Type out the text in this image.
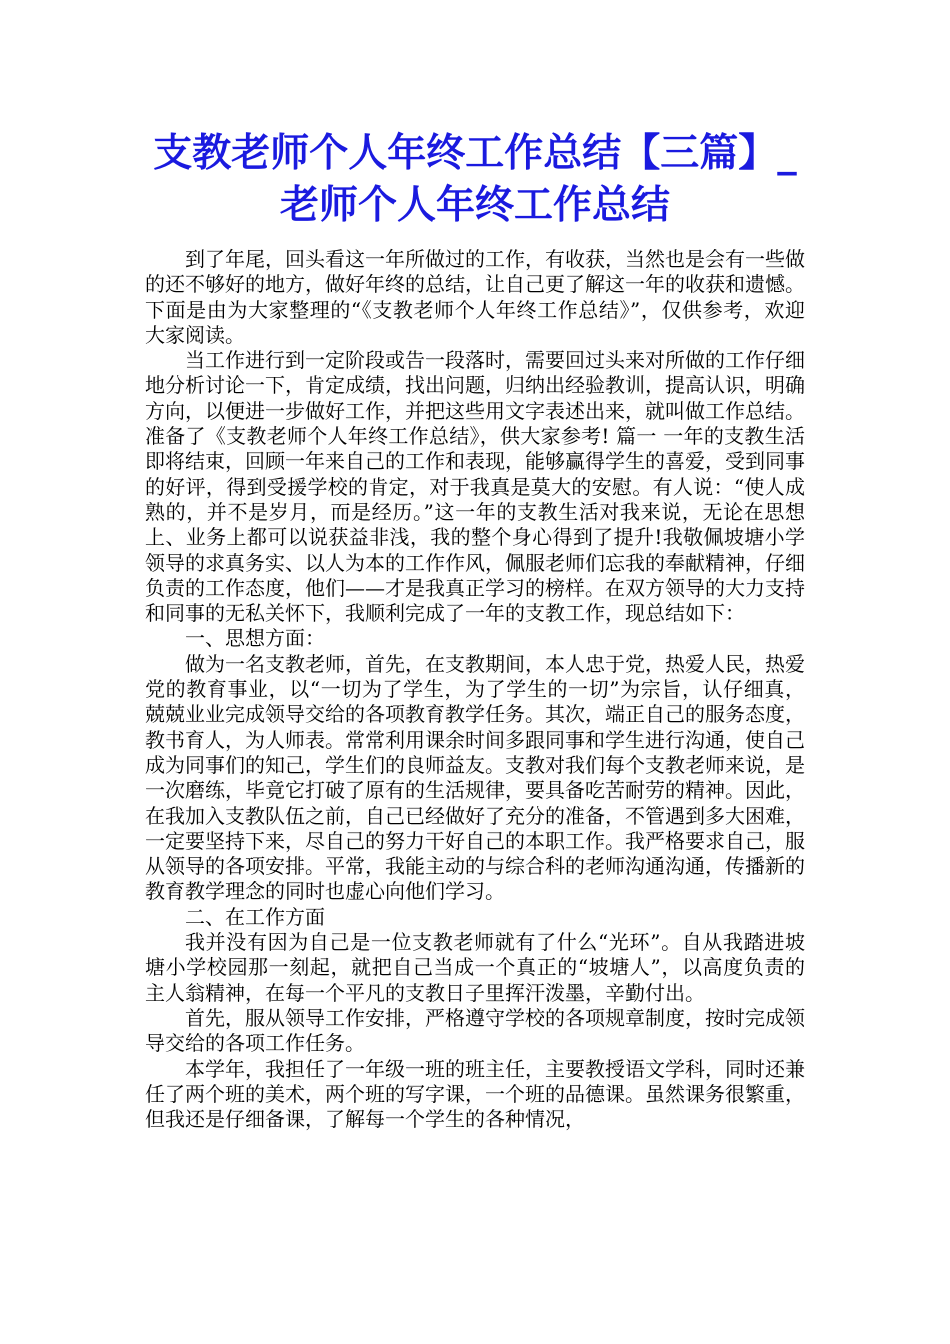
支教老师个人年终工作总结【三篇】_老师个人年终工作总结

到了年尾，回头看这一年所做过的工作，有收获，当然也是会有一些做的还不够好的地方，做好年终的总结，让自己更了解这一年的收获和遗憾。下面是由为大家整理的“《支教老师个人年终工作总结》”，仅供参考，欢迎大家阅读。

当工作进行到一定阶段或告一段落时，需要回过头来对所做的工作仔细地分析讨论一下，肯定成绩，找出问题，归纳出经验教训，提高认识，明确方向，以便进一步做好工作，并把这些用文字表述出来，就叫做工作总结。准备了《支教老师个人年终工作总结》，供大家参考! 篇一 一年的支教生活即将结束，回顾一年来自己的工作和表现，能够赢得学生的喜爱，受到同事的好评，得到受援学校的肯定，对于我真是莫大的安慰。有人说：“使人成熟的，并不是岁月，而是经历。”这一年的支教生活对我来说，无论在思想上、业务上都可以说获益非浅，我的整个身心得到了提升!我敬佩坡塘小学领导的求真务实、以人为本的工作作风，佩服老师们忘我的奉献精神，仔细负责的工作态度，他们——才是我真正学习的榜样。在双方领导的大力支持和同事的无私关怀下，我顺利完成了一年的支教工作，现总结如下：

一、思想方面：

做为一名支教老师，首先，在支教期间，本人忠于党，热爱人民，热爱党的教育事业，以“一切为了学生，为了学生的一切”为宗旨，认仔细真，兢兢业业完成领导交给的各项教育教学任务。其次，端正自己的服务态度，教书育人，为人师表。常常利用课余时间多跟同事和学生进行沟通，使自己成为同事们的知己，学生们的良师益友。支教对我们每个支教老师来说，是一次磨练，毕竟它打破了原有的生活规律，要具备吃苦耐劳的精神。因此，在我加入支教队伍之前，自己已经做好了充分的准备，不管遇到多大困难，一定要坚持下来，尽自己的努力干好自己的本职工作。我严格要求自己，服从领导的各项安排。平常，我能主动的与综合科的老师沟通沟通，传播新的教育教学理念的同时也虚心向他们学习。

二、在工作方面

我并没有因为自己是一位支教老师就有了什么“光环”。自从我踏进坡塘小学校园那一刻起，就把自己当成一个真正的“坡塘人”，以高度负责的主人翁精神，在每一个平凡的支教日子里挥汗泼墨，辛勤付出。

首先，服从领导工作安排，严格遵守学校的各项规章制度，按时完成领导交给的各项工作任务。

本学年，我担任了一年级一班的班主任，主要教授语文学科，同时还兼任了两个班的美术，两个班的写字课，一个班的品德课。虽然课务很繁重，但我还是仔细备课，了解每一个学生的各种情况，
